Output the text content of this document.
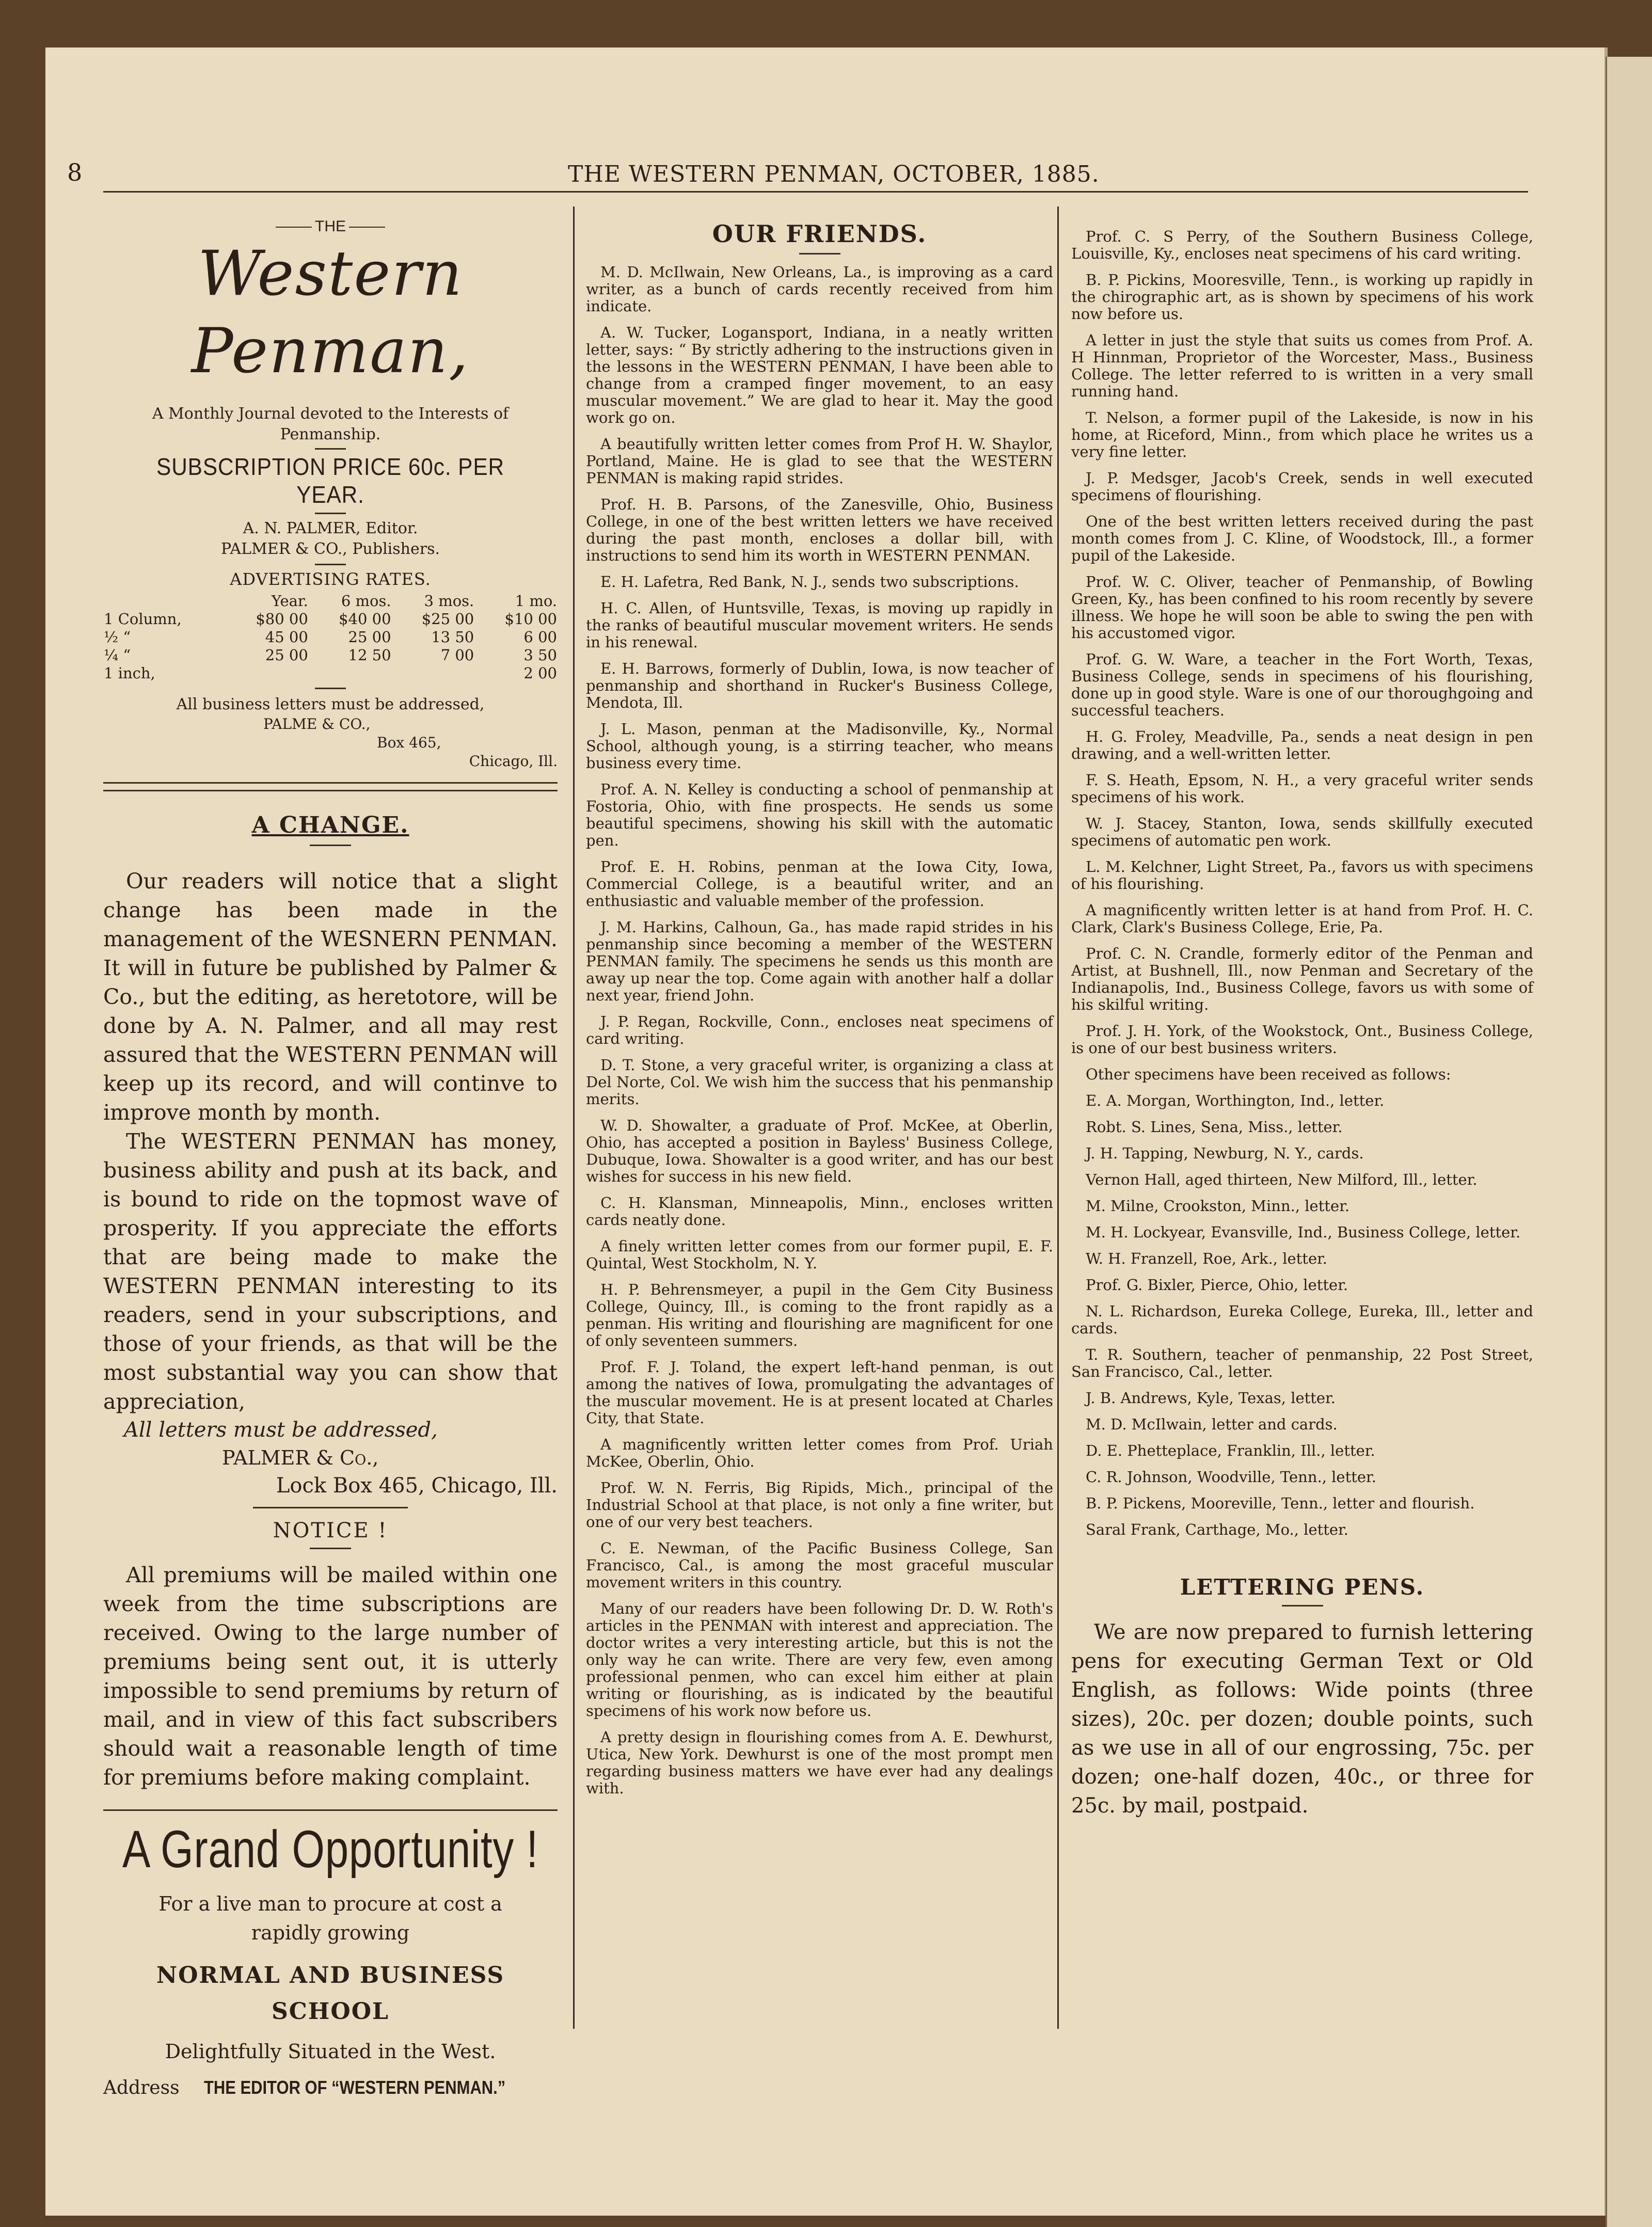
8	THE WESTERN PENMAN, OCTOBER, 1885.
THE
Western Penman,
A Monthly Journal devoted to the Interests of Penmanship.
SUBSCRIPTION PRICE 60c. PER YEAR.
A. N. PALMER, Editor.
PALMER & CO., Publishers.
ADVERTISING RATES.
	Year.	6 mos.	3 mos.	1 mo.
1 Column,	$80 00	$40 00	$25 00	$10 00
½ “	45 00	25 00	13 50	6 00
¼ “	25 00	12 50	7 00	3 50
1 inch,				2 00
All business letters must be addressed,
PALME & CO.,
Box 465,
Chicago, Ill.
A CHANGE.

Our readers will notice that a slight change has been made in the management of the WESNERN PENMAN. It will in future be published by Palmer & Co., but the editing, as heretotore, will be done by A. N. Palmer, and all may rest assured that the WESTERN PENMAN will keep up its record, and will continve to improve month by month.

The WESTERN PENMAN has money, business ability and push at its back, and is bound to ride on the topmost wave of prosperity. If you appreciate the efforts that are being made to make the WESTERN PENMAN interesting to its readers, send in your subscriptions, and those of your friends, as that will be the most substantial way you can show that appreciation,

All letters must be addressed,
PALMER & Co.,
Lock Box 465, Chicago, Ill.
NOTICE !

All premiums will be mailed within one week from the time subscriptions are received. Owing to the large number of premiums being sent out, it is utterly impossible to send premiums by return of mail, and in view of this fact subscribers should wait a reasonable length of time for premiums before making complaint.

A Grand Opportunity !
For a live man to procure at cost a rapidly growing
NORMAL AND BUSINESS SCHOOL
Delightfully Situated in the West.
Address THE EDITOR OF “WESTERN PENMAN.”
OUR FRIENDS.

M. D. McIlwain, New Orleans, La., is improving as a card writer, as a bunch of cards recently received from him indicate.

A. W. Tucker, Logansport, Indiana, in a neatly written letter, says: “ By strictly adhering to the instructions given in the lessons in the WESTERN PENMAN, I have been able to change from a cramped finger movement, to an easy muscular movement.” We are glad to hear it. May the good work go on.

A beautifully written letter comes from Prof H. W. Shaylor, Portland, Maine. He is glad to see that the WESTERN PENMAN is making rapid strides.

Prof. H. B. Parsons, of the Zanesville, Ohio, Business College, in one of the best written letters we have received during the past month, encloses a dollar bill, with instructions to send him its worth in WESTERN PENMAN.

E. H. Lafetra, Red Bank, N. J., sends two subscriptions.

H. C. Allen, of Huntsville, Texas, is moving up rapidly in the ranks of beautiful muscular movement writers. He sends in his renewal.

E. H. Barrows, formerly of Dublin, Iowa, is now teacher of penmanship and shorthand in Rucker's Business College, Mendota, Ill.

J. L. Mason, penman at the Madisonville, Ky., Normal School, although young, is a stirring teacher, who means business every time.

Prof. A. N. Kelley is conducting a school of penmanship at Fostoria, Ohio, with fine prospects. He sends us some beautiful specimens, showing his skill with the automatic pen.

Prof. E. H. Robins, penman at the Iowa City, Iowa, Commercial College, is a beautiful writer, and an enthusiastic and valuable member of the profession.

J. M. Harkins, Calhoun, Ga., has made rapid strides in his penmanship since becoming a member of the WESTERN PENMAN family. The specimens he sends us this month are away up near the top. Come again with another half a dollar next year, friend John.

J. P. Regan, Rockville, Conn., encloses neat specimens of card writing.

D. T. Stone, a very graceful writer, is organizing a class at Del Norte, Col. We wish him the success that his penmanship merits.

W. D. Showalter, a graduate of Prof. McKee, at Oberlin, Ohio, has accepted a position in Bayless' Business College, Dubuque, Iowa. Showalter is a good writer, and has our best wishes for success in his new field.

C. H. Klansman, Minneapolis, Minn., encloses written cards neatly done.

A finely written letter comes from our former pupil, E. F. Quintal, West Stockholm, N. Y.

H. P. Behrensmeyer, a pupil in the Gem City Business College, Quincy, Ill., is coming to the front rapidly as a penman. His writing and flourishing are magnificent for one of only seventeen summers.

Prof. F. J. Toland, the expert left-hand penman, is out among the natives of Iowa, promulgating the advantages of the muscular movement. He is at present located at Charles City, that State.

A magnificently written letter comes from Prof. Uriah McKee, Oberlin, Ohio.

Prof. W. N. Ferris, Big Ripids, Mich., principal of the Industrial School at that place, is not only a fine writer, but one of our very best teachers.

C. E. Newman, of the Pacific Business College, San Francisco, Cal., is among the most graceful muscular movement writers in this country.

Many of our readers have been following Dr. D. W. Roth's articles in the PENMAN with interest and appreciation. The doctor writes a very interesting article, but this is not the only way he can write. There are very few, even among professional penmen, who can excel him either at plain writing or flourishing, as is indicated by the beautiful specimens of his work now before us.

A pretty design in flourishing comes from A. E. Dewhurst, Utica, New York. Dewhurst is one of the most prompt men regarding business matters we have ever had any dealings with.

Prof. C. S Perry, of the Southern Business College, Louisville, Ky., encloses neat specimens of his card writing.

B. P. Pickins, Mooresville, Tenn., is working up rapidly in the chirographic art, as is shown by specimens of his work now before us.

A letter in just the style that suits us comes from Prof. A. H Hinnman, Proprietor of the Worcester, Mass., Business College. The letter referred to is written in a very small running hand.

T. Nelson, a former pupil of the Lakeside, is now in his home, at Riceford, Minn., from which place he writes us a very fine letter.

J. P. Medsger, Jacob's Creek, sends in well executed specimens of flourishing.

One of the best written letters received during the past month comes from J. C. Kline, of Woodstock, Ill., a former pupil of the Lakeside.

Prof. W. C. Oliver, teacher of Penmanship, of Bowling Green, Ky., has been confined to his room recently by severe illness. We hope he will soon be able to swing the pen with his accustomed vigor.

Prof. G. W. Ware, a teacher in the Fort Worth, Texas, Business College, sends in specimens of his flourishing, done up in good style. Ware is one of our thoroughgoing and successful teachers.

H. G. Froley, Meadville, Pa., sends a neat design in pen drawing, and a well-written letter.

F. S. Heath, Epsom, N. H., a very graceful writer sends specimens of his work.

W. J. Stacey, Stanton, Iowa, sends skillfully executed specimens of automatic pen work.

L. M. Kelchner, Light Street, Pa., favors us with specimens of his flourishing.

A magnificently written letter is at hand from Prof. H. C. Clark, Clark's Business College, Erie, Pa.

Prof. C. N. Crandle, formerly editor of the Penman and Artist, at Bushnell, Ill., now Penman and Secretary of the Indianapolis, Ind., Business College, favors us with some of his skilful writing.

Prof. J. H. York, of the Wookstock, Ont., Business College, is one of our best business writers.

Other specimens have been received as follows:

E. A. Morgan, Worthington, Ind., letter.

Robt. S. Lines, Sena, Miss., letter.

J. H. Tapping, Newburg, N. Y., cards.

Vernon Hall, aged thirteen, New Milford, Ill., letter.

M. Milne, Crookston, Minn., letter.

M. H. Lockyear, Evansville, Ind., Business College, letter.

W. H. Franzell, Roe, Ark., letter.

Prof. G. Bixler, Pierce, Ohio, letter.

N. L. Richardson, Eureka College, Eureka, Ill., letter and cards.

T. R. Southern, teacher of penmanship, 22 Post Street, San Francisco, Cal., letter.

J. B. Andrews, Kyle, Texas, letter.

M. D. McIlwain, letter and cards.

D. E. Phetteplace, Franklin, Ill., letter.

C. R. Johnson, Woodville, Tenn., letter.

B. P. Pickens, Mooreville, Tenn., letter and flourish.

Saral Frank, Carthage, Mo., letter.

LETTERING PENS.

We are now prepared to furnish lettering pens for executing German Text or Old English, as follows: Wide points (three sizes), 20c. per dozen; double points, such as we use in all of our engrossing, 75c. per dozen; one-half dozen, 40c., or three for 25c. by mail, postpaid.
